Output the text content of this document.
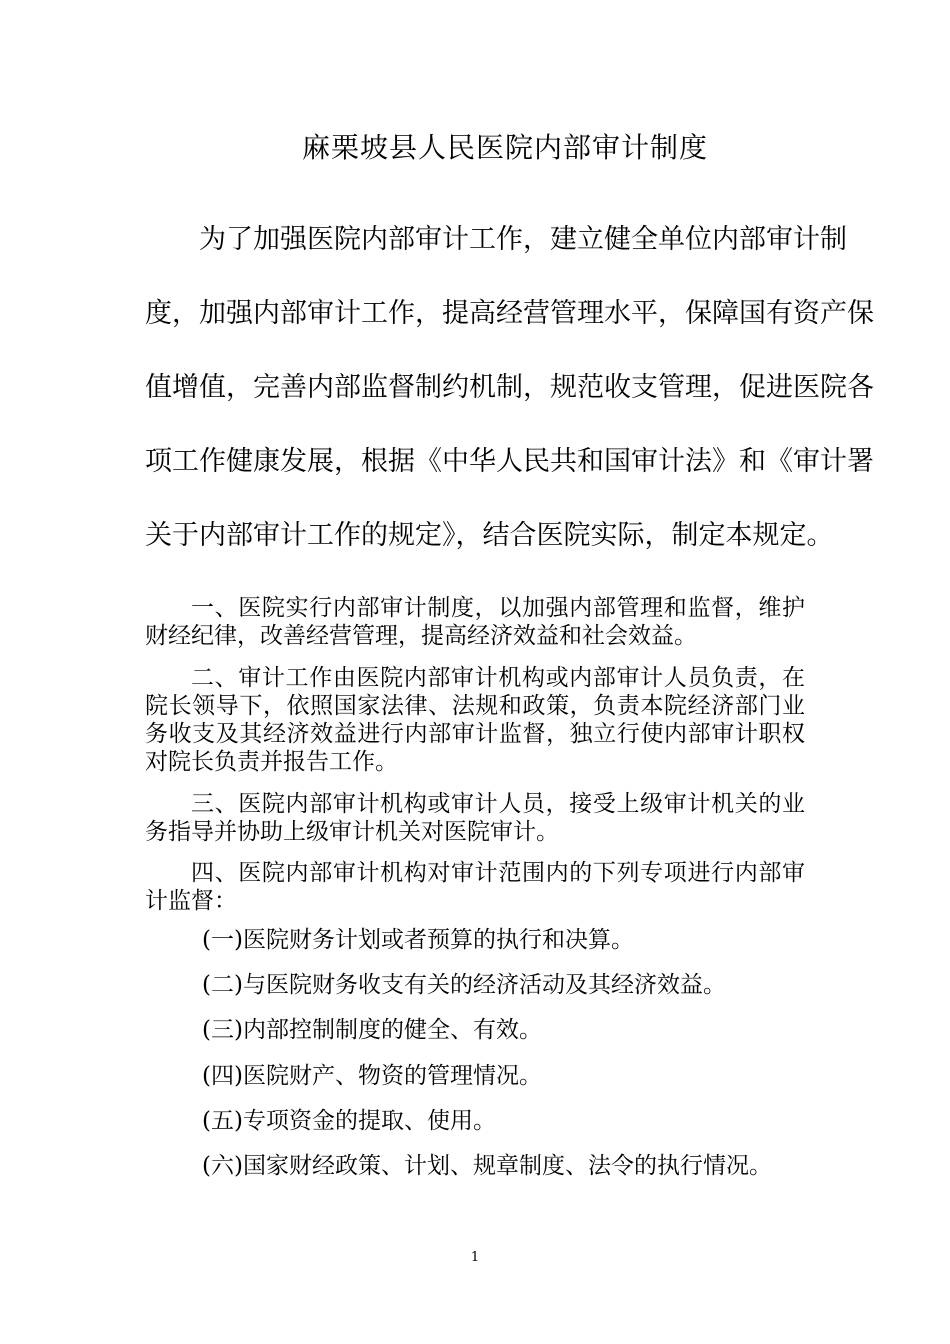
麻栗坡县人民医院内部审计制度
　　为了加强医院内部审计工作，建立健全单位内部审计制
度，加强内部审计工作，提高经营管理水平，保障国有资产保
值增值，完善内部监督制约机制，规范收支管理，促进医院各
项工作健康发展，根据《中华人民共和国审计法》和《审计署
关于内部审计工作的规定》，结合医院实际，制定本规定。
一、医院实行内部审计制度，以加强内部管理和监督，维护财经纪律，改善经营管理，提高经济效益和社会效益。
二、审计工作由医院内部审计机构或内部审计人员负责，在院长领导下，依照国家法律、法规和政策，负责本院经济部门业务收支及其经济效益进行内部审计监督，独立行使内部审计职权对院长负责并报告工作。
三、医院内部审计机构或审计人员，接受上级审计机关的业务指导并协助上级审计机关对医院审计。
四、医院内部审计机构对审计范围内的下列专项进行内部审计监督：
(一)医院财务计划或者预算的执行和决算。
(二)与医院财务收支有关的经济活动及其经济效益。
(三)内部控制制度的健全、有效。
(四)医院财产、物资的管理情况。
(五)专项资金的提取、使用。
(六)国家财经政策、计划、规章制度、法令的执行情况。
1
